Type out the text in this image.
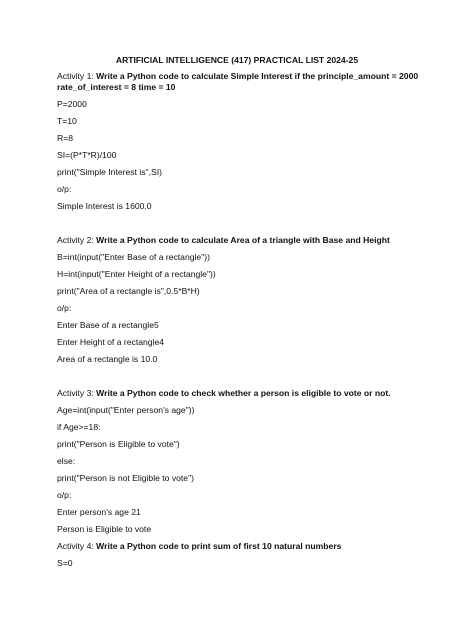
ARTIFICIAL INTELLIGENCE (417) PRACTICAL LIST 2024-25
Activity 1: Write a Python code to calculate Simple Interest if the principle_amount = 2000
rate_of_interest = 8 time = 10
P=2000
T=10
R=8
SI=(P*T*R)/100
print("Simple Interest is",SI)
o/p:
Simple Interest is 1600.0
Activity 2: Write a Python code to calculate Area of a triangle with Base and Height
B=int(input("Enter Base of a rectangle"))
H=int(input("Enter Height of a rectangle"))
print("Area of a rectangle is",0.5*B*H)
o/p:
Enter Base of a rectangle5
Enter Height of a rectangle4
Area of a rectangle is 10.0
Activity 3: Write a Python code to check whether a person is eligible to vote or not.
Age=int(input("Enter person's age"))
if Age>=18:
print("Person is Eligible to vote")
else:
print("Person is not Eligible to vote")
o/p:
Enter person's age 21
Person is Eligible to vote
Activity 4: Write a Python code to print sum of first 10 natural numbers
S=0
